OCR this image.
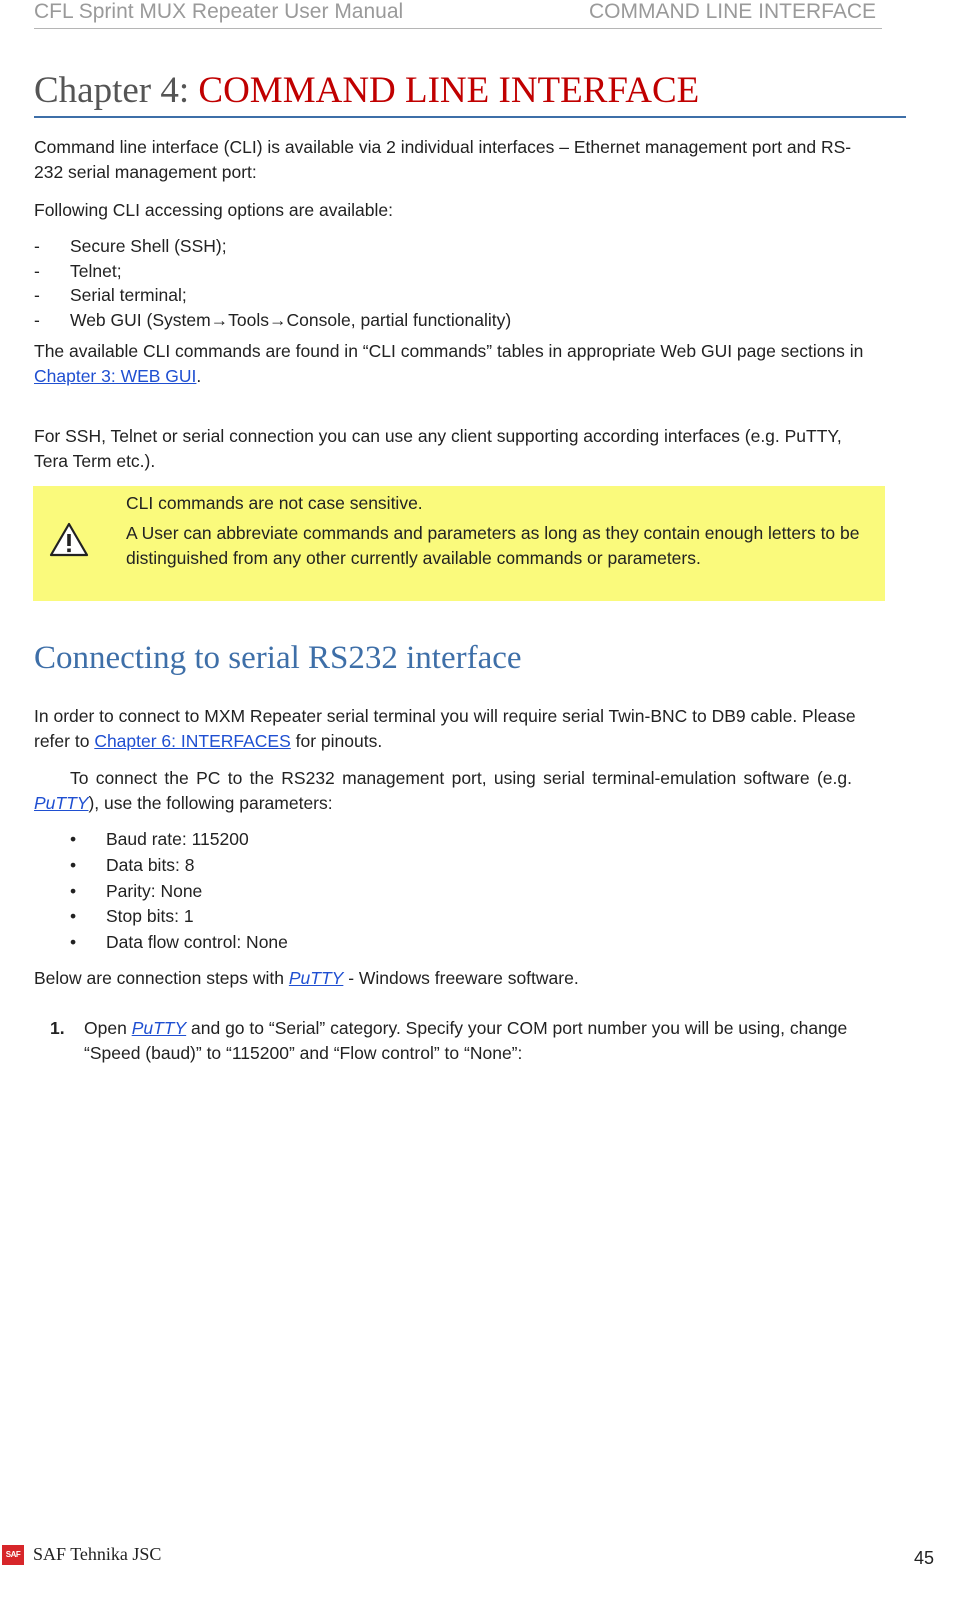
CFL Sprint MUX Repeater User Manual	COMMAND LINE INTERFACE
Chapter 4: COMMAND LINE INTERFACE

Command line interface (CLI) is available via 2 individual interfaces – Ethernet management port and RS-232 serial management port:

Following CLI accessing options are available:

- Secure Shell (SSH);
- Telnet;
- Serial terminal;
- Web GUI (System→Tools→Console, partial functionality)

The available CLI commands are found in “CLI commands” tables in appropriate Web GUI page sections in Chapter 3: WEB GUI.

For SSH, Telnet or serial connection you can use any client supporting according interfaces (e.g. PuTTY, Tera Term etc.).

CLI commands are not case sensitive.
A User can abbreviate commands and parameters as long as they contain enough letters to be distinguished from any other currently available commands or parameters.
Connecting to serial RS232 interface

In order to connect to MXM Repeater serial terminal you will require serial Twin-BNC to DB9 cable. Please refer to Chapter 6: INTERFACES for pinouts.

To connect the PC to the RS232 management port, using serial terminal-emulation software (e.g. PuTTY), use the following parameters:

• Baud rate: 115200
• Data bits: 8
• Parity: None
• Stop bits: 1
• Data flow control: None

Below are connection steps with PuTTY - Windows freeware software.

1. Open PuTTY and go to “Serial” category. Specify your COM port number you will be using, change “Speed (baud)” to “115200” and “Flow control” to “None”:
SAF SAF Tehnika JSC	45
